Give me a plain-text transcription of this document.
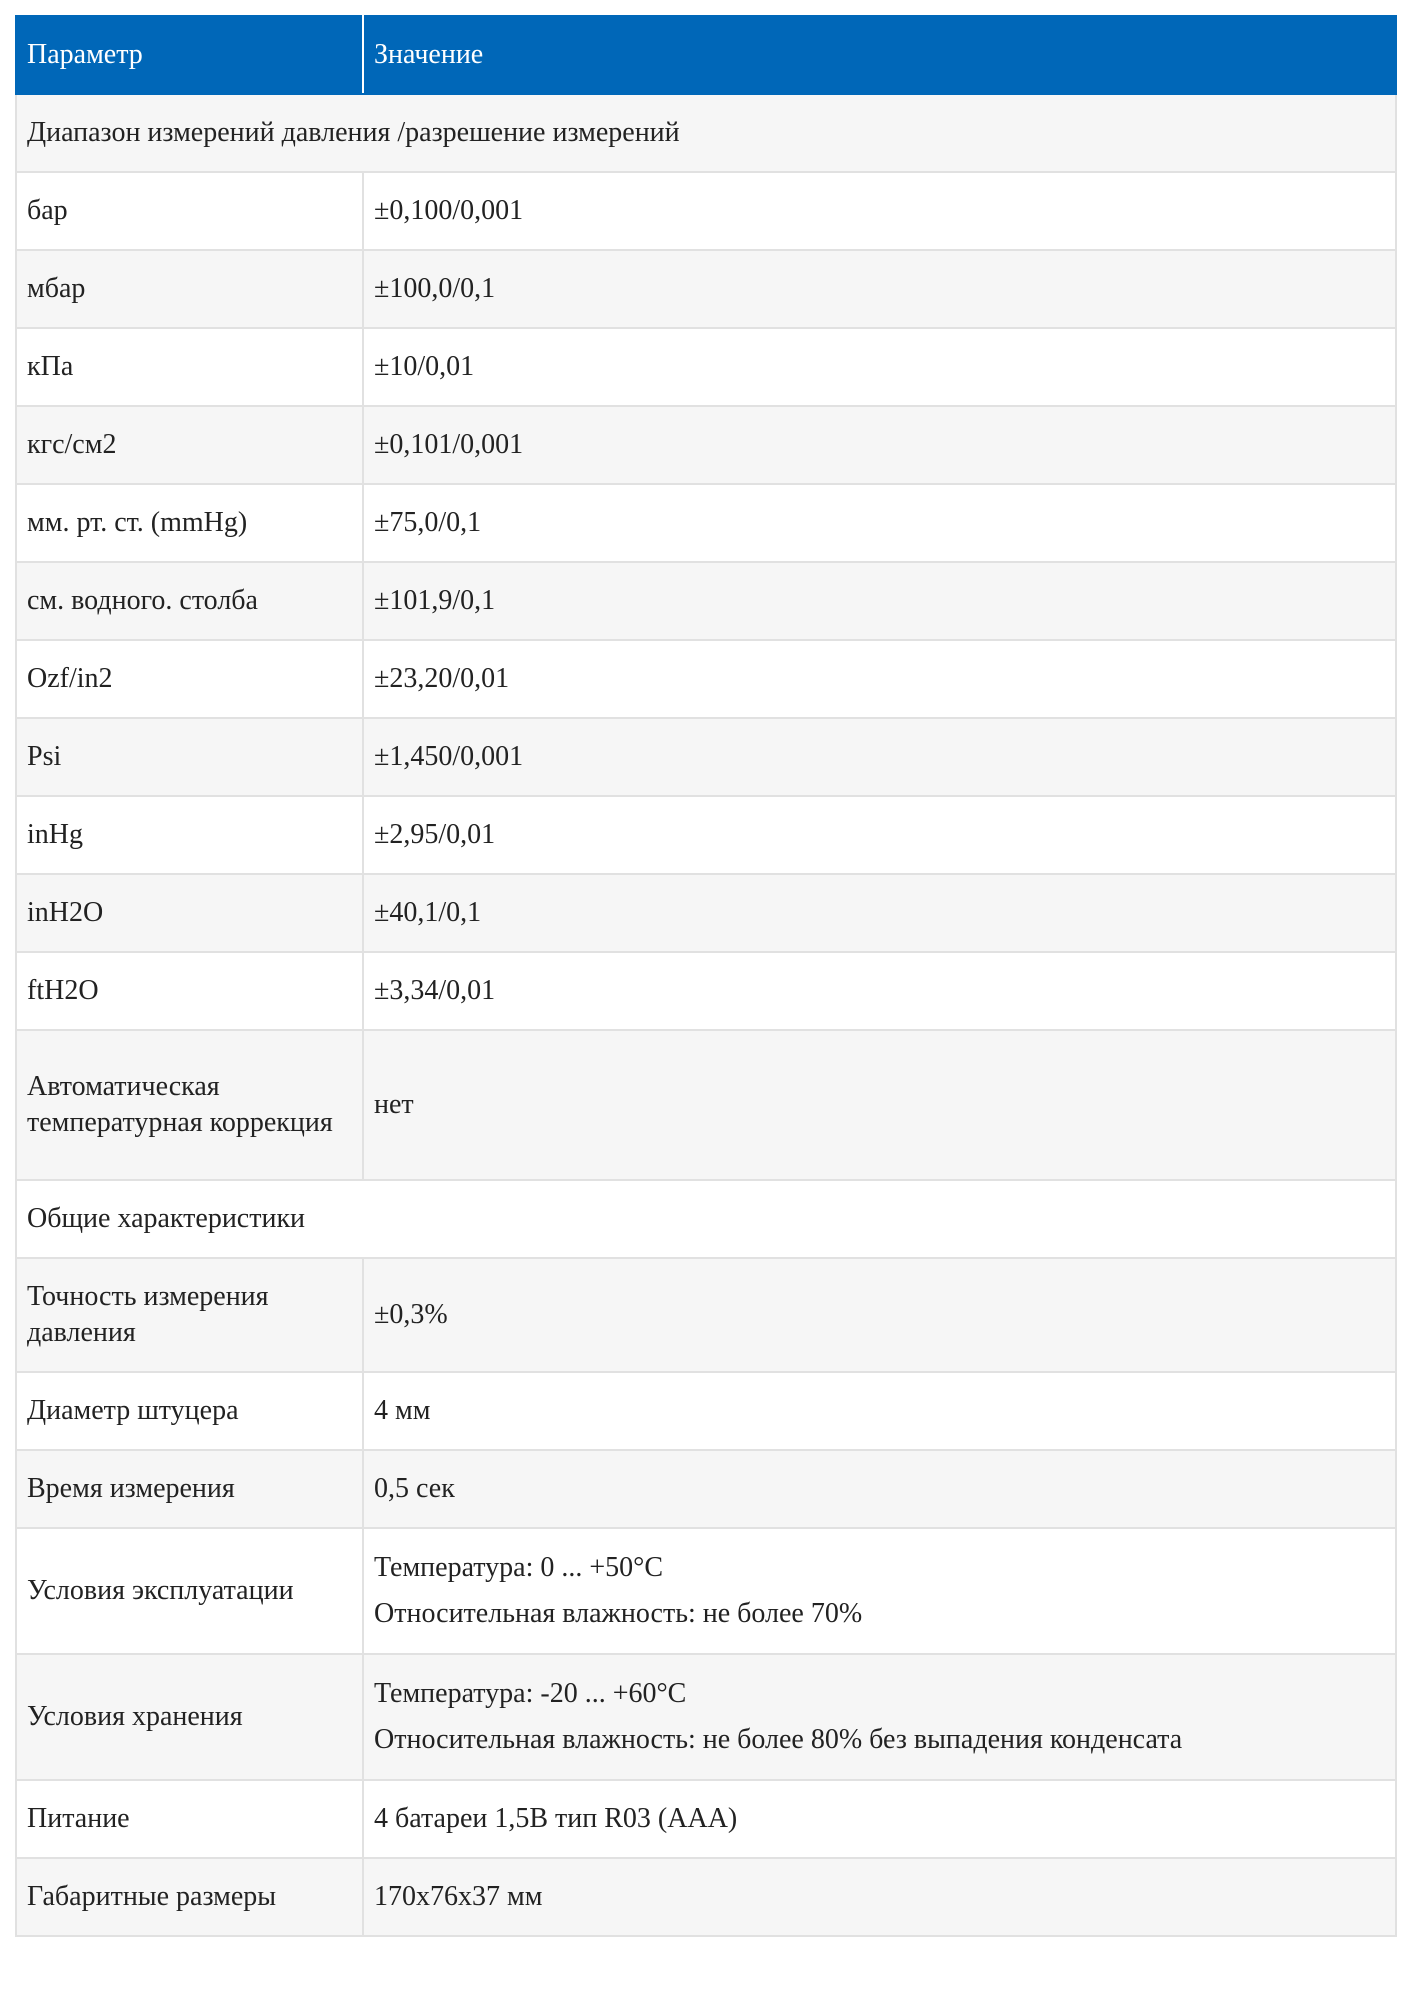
Параметр	Значение
Диапазон измерений давления /разрешение измерений	
бар	±0,100/0,001
мбар	±100,0/0,1
кПа	±10/0,01
кгс/см2	±0,101/0,001
мм. рт. ст. (mmHg)	±75,0/0,1
см. водного. столба	±101,9/0,1
Ozf/in2	±23,20/0,01
Psi	±1,450/0,001
inHg	±2,95/0,01
inH2O	±40,1/0,1
ftH2O	±3,34/0,01
Автоматическая температурная коррекция	нет
Общие характеристики	
Точность измерения давления	±0,3%
Диаметр штуцера	4 мм
Время измерения	0,5 сек
Условия эксплуатации	Температура: 0 ... +50°C
Относительная влажность: не более 70%

Условия хранения	Температура: -20 ... +60°C
Относительная влажность: не более 80% без выпадения конденсата

Питание	4 батареи 1,5В тип R03 (AAA)
Габаритные размеры	170x76x37 мм
